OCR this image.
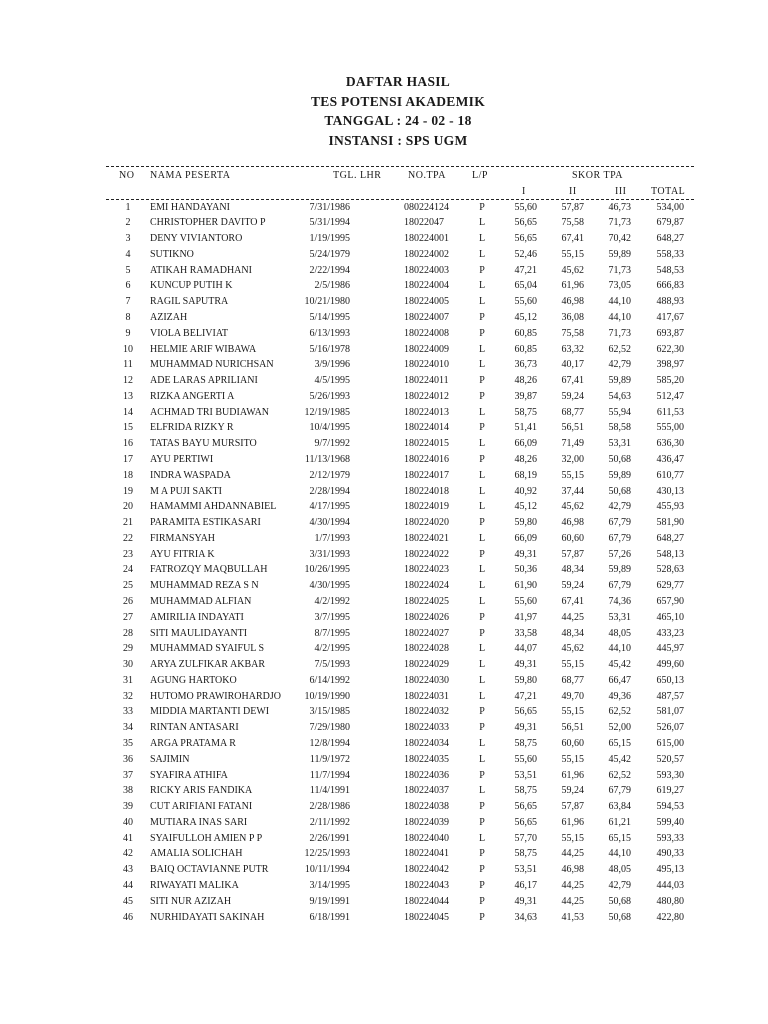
DAFTAR HASIL
TES POTENSI AKADEMIK
TANGGAL : 24 - 02 - 18
INSTANSI : SPS UGM
NO NAMA PESERTA	TGL. LHR	NO.TPA	L/P	SKOR TPA
I	II	III TOTAL
1	EMI HANDAYANI	7/31/1986	080224124	P	55,60 57,87 46,73	534,00
2	CHRISTOPHER DAVITO P	5/31/1994	18022047	L	56,65 75,58 71,73	679,87
3	DENY VIVIANTORO	1/19/1995	180224001	L	56,65 67,41 70,42	648,27
4	SUTIKNO	5/24/1979	180224002	L	52,46 55,15 59,89	558,33
5	ATIKAH RAMADHANI	2/22/1994	180224003	P	47,21 45,62 71,73	548,53
6	KUNCUP PUTIH K	2/5/1986	180224004	L	65,04 61,96 73,05	666,83
7	RAGIL SAPUTRA	10/21/1980	180224005	L	55,60 46,98 44,10	488,93
8	AZIZAH	5/14/1995	180224007	P	45,12 36,08 44,10	417,67
9	VIOLA BELIVIAT	6/13/1993	180224008	P	60,85 75,58 71,73	693,87
10	HELMIE ARIF WIBAWA	5/16/1978	180224009	L	60,85 63,32 62,52	622,30
11	MUHAMMAD NURICHSAN	3/9/1996	180224010	L	36,73 40,17 42,79	398,97
12	ADE LARAS APRILIANI	4/5/1995	180224011	P	48,26 67,41 59,89	585,20
13	RIZKA ANGERTI A	5/26/1993	180224012	P	39,87 59,24 54,63	512,47
14	ACHMAD TRI BUDIAWAN	12/19/1985	180224013	L	58,75 68,77 55,94	611,53
15	ELFRIDA RIZKY R	10/4/1995	180224014	P	51,41 56,51 58,58	555,00
16	TATAS BAYU MURSITO	9/7/1992	180224015	L	66,09 71,49 53,31	636,30
17	AYU PERTIWI	11/13/1968	180224016	P	48,26 32,00 50,68	436,47
18	INDRA WASPADA	2/12/1979	180224017	L	68,19 55,15 59,89	610,77
19	M A PUJI SAKTI	2/28/1994	180224018	L	40,92 37,44 50,68	430,13
20	HAMAMMI AHDANNABIEL	4/17/1995	180224019	L	45,12 45,62 42,79	455,93
21	PARAMITA ESTIKASARI	4/30/1994	180224020	P	59,80 46,98 67,79	581,90
22	FIRMANSYAH	1/7/1993	180224021	L	66,09 60,60 67,79	648,27
23	AYU FITRIA K	3/31/1993	180224022	P	49,31 57,87 57,26	548,13
24	FATROZQY MAQBULLAH	10/26/1995	180224023	L	50,36 48,34 59,89	528,63
25	MUHAMMAD REZA S N	4/30/1995	180224024	L	61,90 59,24 67,79	629,77
26	MUHAMMAD ALFIAN	4/2/1992	180224025	L	55,60 67,41 74,36	657,90
27	AMIRILIA INDAYATI	3/7/1995	180224026	P	41,97 44,25 53,31	465,10
28	SITI MAULIDAYANTI	8/7/1995	180224027	P	33,58 48,34 48,05	433,23
29	MUHAMMAD SYAIFUL S	4/2/1995	180224028	L	44,07 45,62 44,10	445,97
30	ARYA ZULFIKAR AKBAR	7/5/1993	180224029	L	49,31 55,15 45,42	499,60
31	AGUNG HARTOKO	6/14/1992	180224030	L	59,80 68,77 66,47	650,13
32	HUTOMO PRAWIROHARDJO 10/19/1990	180224031	L	47,21 49,70 49,36	487,57
33	MIDDIA MARTANTI DEWI	3/15/1985	180224032	P	56,65 55,15 62,52	581,07
34	RINTAN ANTASARI	7/29/1980	180224033	P	49,31 56,51 52,00	526,07
35	ARGA PRATAMA R	12/8/1994	180224034	L	58,75 60,60 65,15	615,00
36	SAJIMIN	11/9/1972	180224035	L	55,60 55,15 45,42	520,57
37	SYAFIRA ATHIFA	11/7/1994	180224036	P	53,51 61,96 62,52	593,30
38	RICKY ARIS FANDIKA	11/4/1991	180224037	L	58,75 59,24 67,79	619,27
39	CUT ARIFIANI FATANI	2/28/1986	180224038	P	56,65 57,87 63,84	594,53
40	MUTIARA INAS SARI	2/11/1992	180224039	P	56,65 61,96 61,21	599,40
41	SYAIFULLOH AMIEN P P	2/26/1991	180224040	L	57,70 55,15 65,15	593,33
42	AMALIA SOLICHAH	12/25/1993	180224041	P	58,75 44,25 44,10	490,33
43	BAIQ OCTAVIANNE PUTR	10/11/1994	180224042	P	53,51 46,98 48,05	495,13
44	RIWAYATI MALIKA	3/14/1995	180224043	P	46,17 44,25 42,79	444,03
45	SITI NUR AZIZAH	9/19/1991	180224044	P	49,31 44,25 50,68	480,80
46	NURHIDAYATI SAKINAH	6/18/1991	180224045	P	34,63 41,53 50,68	422,80
